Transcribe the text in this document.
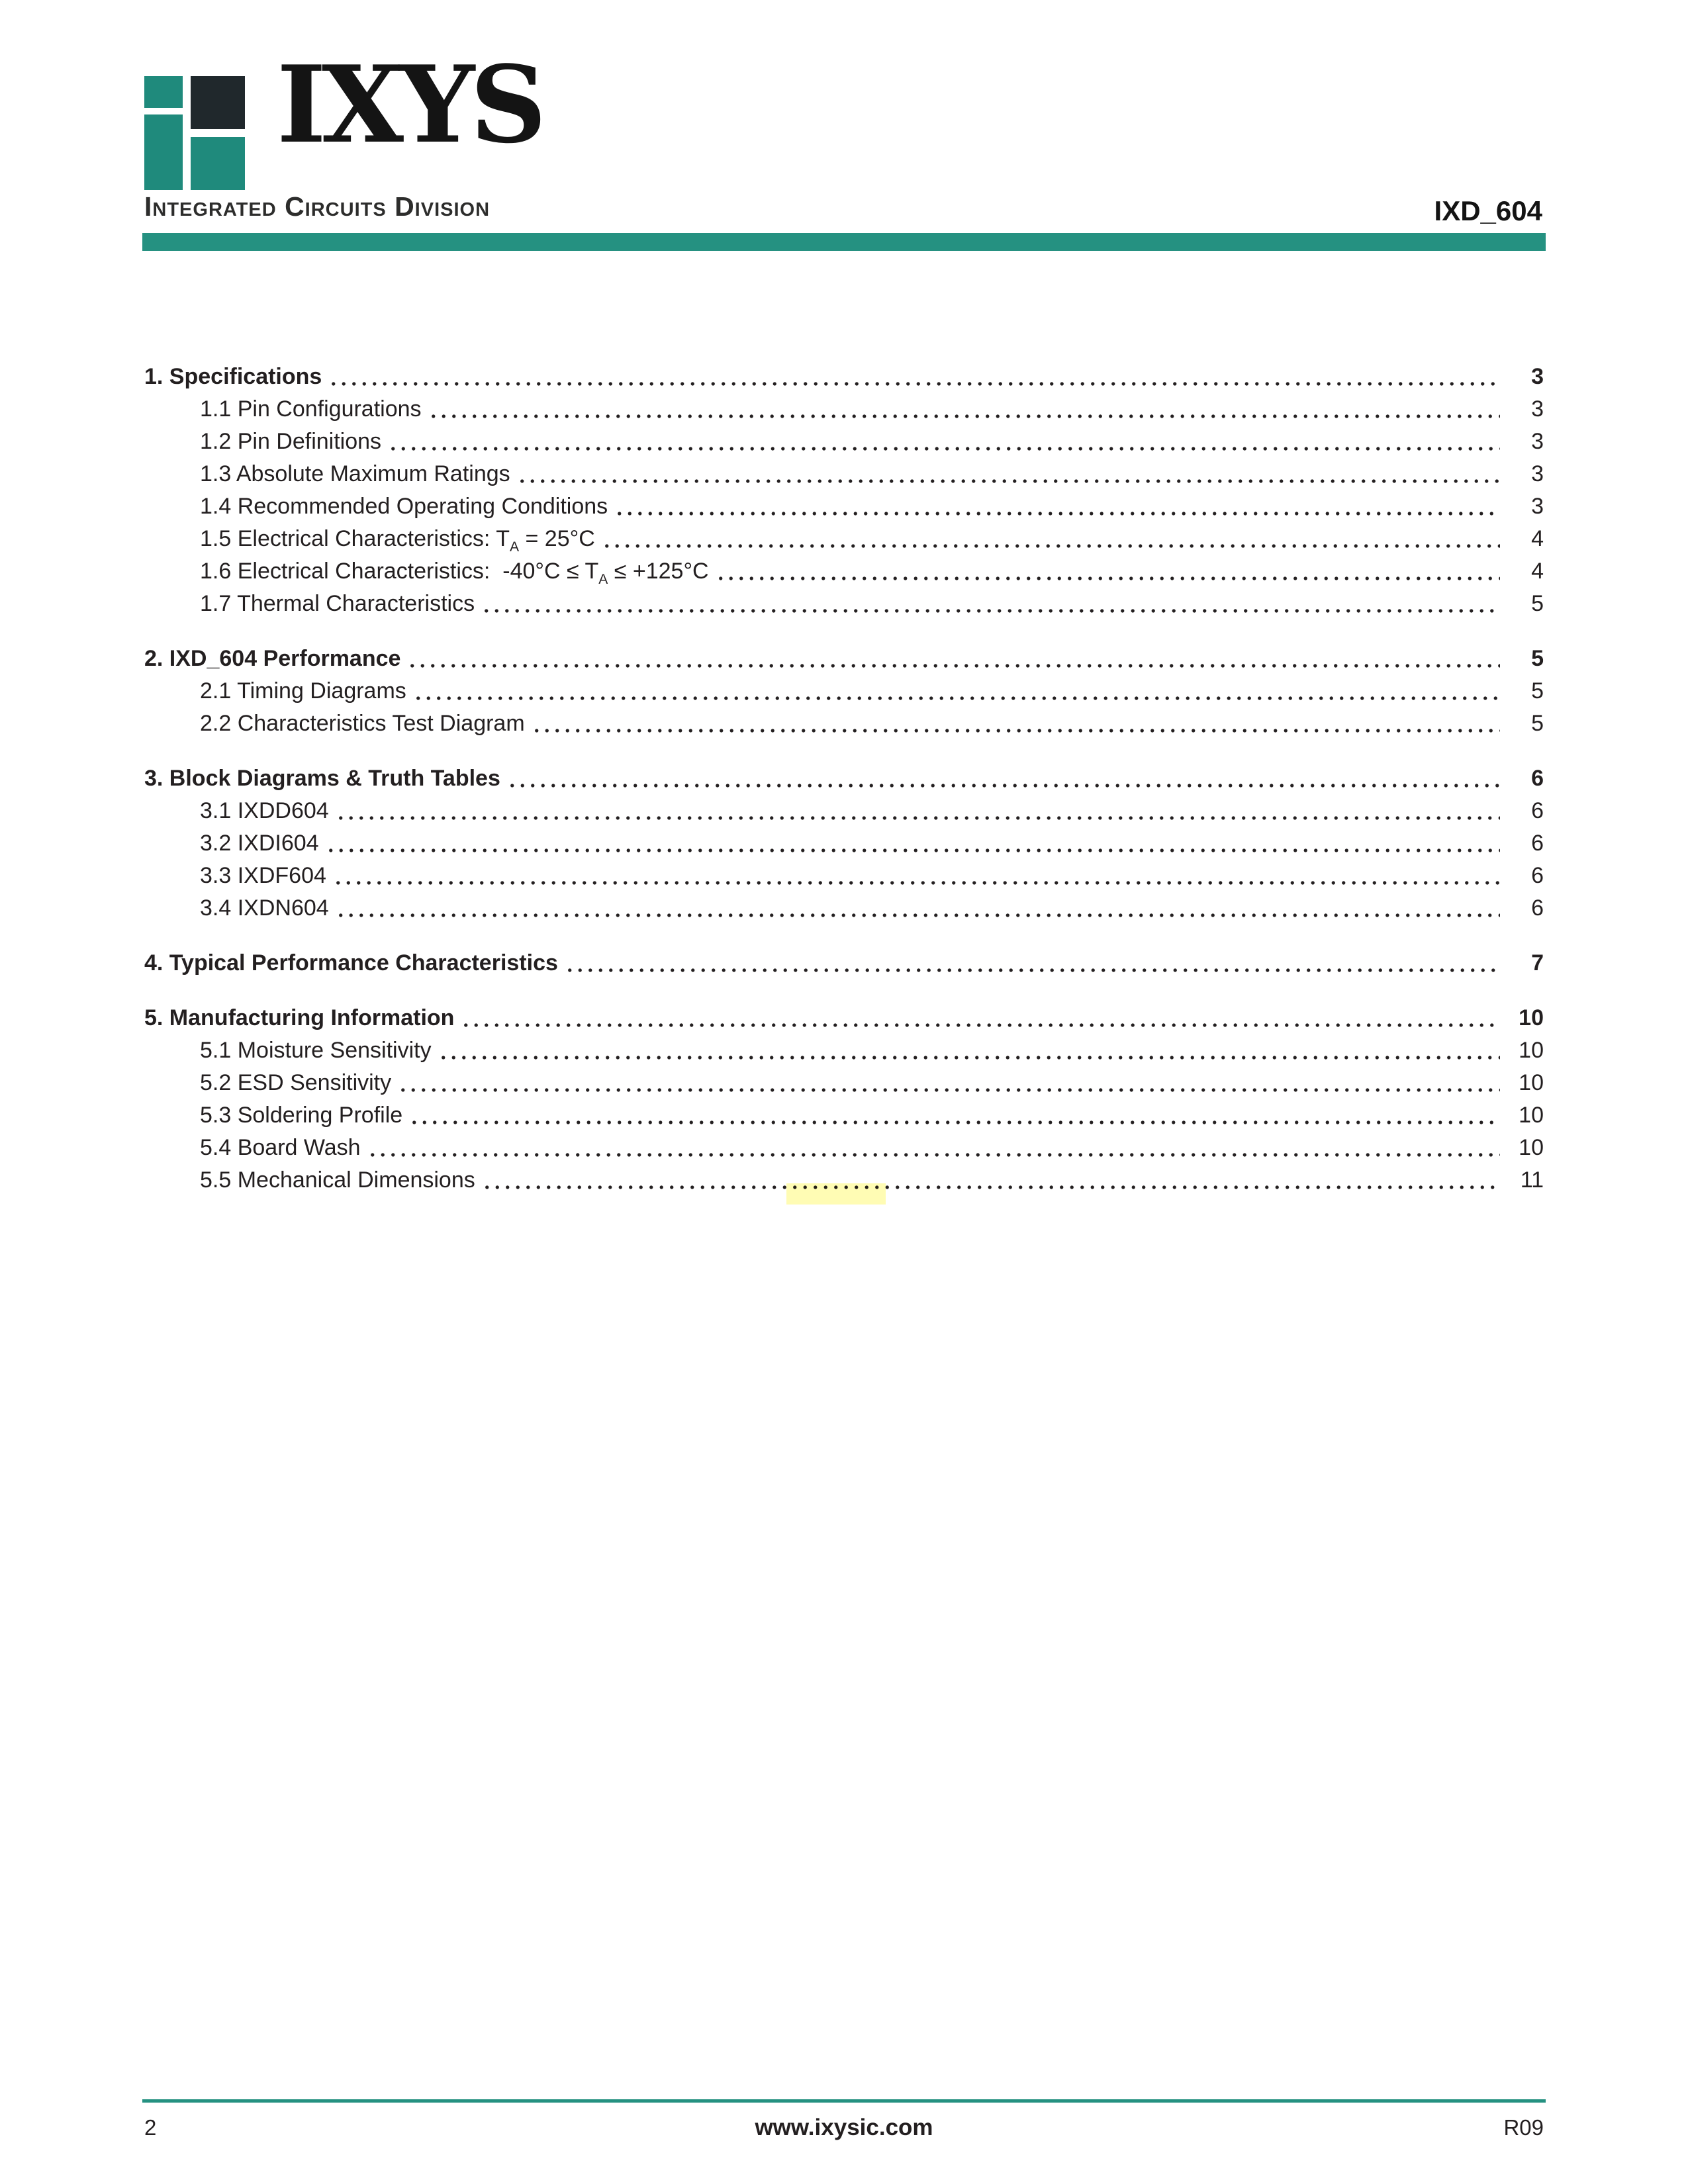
IXYS
Integrated Circuits Division	IXD_604
1. Specifications	3
1.1 Pin Configurations	3
1.2 Pin Definitions	3
1.3 Absolute Maximum Ratings	3
1.4 Recommended Operating Conditions	3
1.5 Electrical Characteristics: $T_A = 25^\circ C$	4
1.6 Electrical Characteristics:  $-40^\circ C \le T_A \le +125^\circ C$	4
1.7 Thermal Characteristics	5
2. IXD_604 Performance	5
2.1 Timing Diagrams	5
2.2 Characteristics Test Diagram	5
3. Block Diagrams & Truth Tables	6
3.1 IXDD604	6
3.2 IXDI604	6
3.3 IXDF604	6
3.4 IXDN604	6
4. Typical Performance Characteristics	7
5. Manufacturing Information	10
5.1 Moisture Sensitivity	10
5.2 ESD Sensitivity	10
5.3 Soldering Profile	10
5.4 Board Wash	10
5.5 Mechanical Dimensions	11
2	www.ixysic.com	R09
